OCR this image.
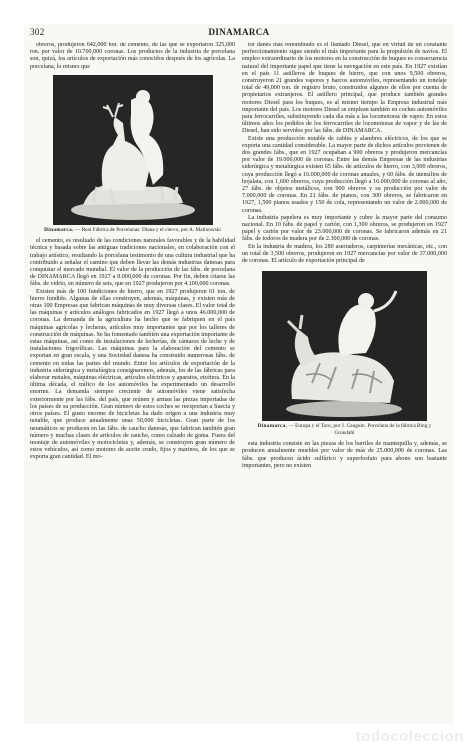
302	DINAMARCA

obreros, produjeron 642,000 ton. de cemento, de las que se exportaron 325,000 ton. por valor de 10.700,000 coronas. Los productos de la industria de porcelana son, quizá, los artículos de exportación más conocidos después de los agrícolas. La porcelana, lo mismo que

Dinamarca. — Real Fábrica de Porcelanas: Diana y el ciervo, por A. Malinowski

el cemento, es resultado de las condiciones naturales favorables y de la habilidad técnica y basada sobre las antiguas tradiciones nacionales, en colaboración con el trabajo artístico, resultando la porcelana testimonio de una cultura industrial que ha contribuido a señalar el camino que deben llevar las demás industrias danesas para conquistar el mercado mundial. El valor de la producción de las fábs. de porcelana de DINAMARCA llegó en 1927 a 8.000,000 de coronas. Por fin, deben citarse las fábs. de vidrio, en número de seis, que en 1927 produjeron por 4.100,000 coronas.

Existen más de 100 fundiciones de hierro, que en 1927 produjeron 61 ton. de hierro fundido. Algunas de ellas construyen, además, máquinas, y existen más de otras 100 Empresas que fabrican máquinas de muy diversas clases. El valor total de las máquinas y artículos análogos fabricados en 1927 llegó a unos 46.000,000 de coronas. La demanda de la agricultura ha hecho que se fabriquen en el país máquinas agrícolas y lecheras, artículos muy importantes que por los talleres de construcción de máquinas. Se ha fomentado también una exportación importante de estas máquinas, así como de instalaciones de lecherías, de cántaros de leche y de instalaciones frigoríficas. Las máquinas para la elaboración del cemento se exportan en gran escala, y una Sociedad danesa ha construido numerosas fábs. de cemento en todas las partes del mundo. Entre los artículos de exportación de la industria siderúrgica y metalúrgica consignaremos, además, los de las fábricas para elaborar metales, máquinas eléctricas, artículos eléctricos y aparatos, etcétera. En la última década, el tráfico de los automóviles ha experimentado un desarrollo enorme. La demanda siempre creciente de automóviles viene satisfecha exteriormente por las fábs. del país, que reúnen y arman las piezas importadas de los países de su producción. Gran número de estos coches se reexportan a Suecia y otros países. El gusto enorme de bicicletas ha dado origen a una industria muy notable, que produce anualmente unas 50,000 bicicletas. Gran parte de los neumáticos se producen en las fábs. de caucho danesas, que fabrican también gran número y muchas clases de artículos de caucho, como calzado de goma. Fuera del montaje de automóviles y motocicletas y, además, se construyen gran número de estos vehículos, así como motores de aceite crudo, fijos y marinos, de los que se exporta gran cantidad. El mo-

tor danés más renombrado es el llamado Diesel, que en virtud de un constante perfeccionamiento sigue siendo el más importante para la propulsión de navíos. El empleo extraordinario de los motores en la construcción de buques es consecuencia natural del importante papel que tiene la navegación en este país. En 1927 existían en el país 11 astilleros de buques de hierro, que con unos 9,500 obreros, construyeron 21 grandes vapores y barcos automóviles, representando un tonelaje total de 49,000 ton. de registro bruto, construidos algunos de ellos por cuenta de propietarios extranjeros. El astillero principal, que produce también grandes motores Diesel para los buques, es al mismo tiempo la Empresa industrial más importante del país. Los motores Diesel se emplean también en coches automóviles para ferrocarriles, substituyendo cada día más a las locomotoras de vapor. En estos últimos años los pedidos de los ferrocarriles de locomotoras de vapor y de las de Diesel, han sido servidos por las fábs. de DINAMARCA.

Existe una producción notable de cables y alambres eléctricos, de los que se exporta una cantidad considerable. La mayor parte de dichos artículos provienen de dos grandes fábs., que en 1927 ocupaban a 900 obreros y produjeron mercancías por valor de 19.000,000 de coronas. Entre las demás Empresas de las industrias siderúrgica y metalúrgica existen 65 fábs. de artículos de hierro, con 3,900 obreros, cuya producción llegó a 16.000,000 de coronas anuales, y 60 fábs. de utensilios de hojalata, con 1,600 obreros, cuya producción llegó a 16.000,000 de coronas al año, 27 fábs. de objetos metálicos, con 900 obreros y su producción por valor de 7.000,000 de coronas. En 21 fábs. de pianos, con 300 obreros, se fabricaron en 1927, 1,500 pianos usados y 150 de cola, representando un valor de 2.000,000 de coronas.

La industria papelera es muy importante y cubre la mayor parte del consumo nacional. En 10 fábs. de papel y cartón, con 1,300 obreros, se produjeron en 1927 papel y cartón por valor de 23.000,000 de coronas. Se fabricaron además en 21 fábs. de todoros de madera por de 2.300,000 de coronas.

En la industria de madera, los 280 aserraderos, carpinterías mecánicas, etc., con un total de 3,500 obreros, produjeron en 1927 mercancías por valor de 37.000,000 de coronas. El artículo de exportación principal de

Dinamarca. — Europa y el Toro, por J. Gauguin. Porcelana de la fábrica Bing y Grondahl

esta industria consiste en las piezas de los barriles de mantequilla y, además, se producen anualmente muebles por valor de más de 25.000,000 de coronas. Las fábs. que producen ácido sulfúrico y superfosfato para abono son bastante importantes, pero no existen

todocoleccion
